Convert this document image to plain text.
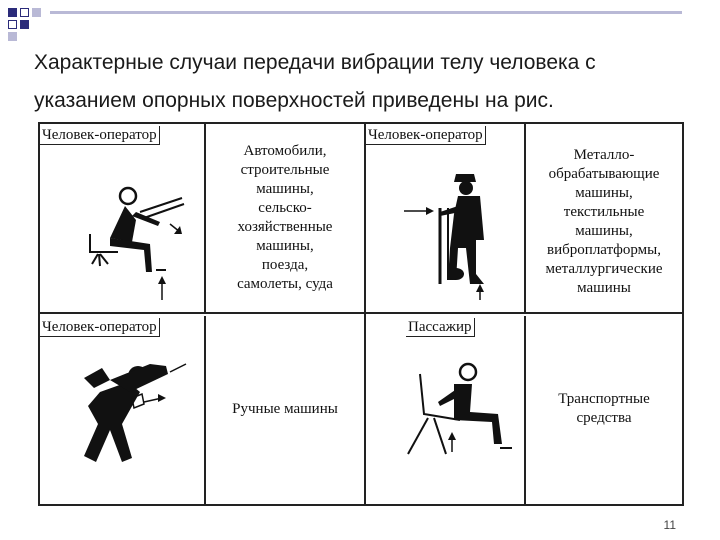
Характерные случаи передачи вибрации телу человека с указанием опорных поверхностей приведены на рис.
Человек-оператор
Автомобили,
строительные
машины,
сельско-
хозяйственные
машины,
поезда,
самолеты, суда
Человек-оператор
Металло-
обрабатывающие
машины,
текстильные
машины,
виброплатформы,
металлургические
машины
Человек-оператор
Ручные машины
Пассажир
Транспортные
средства
11
